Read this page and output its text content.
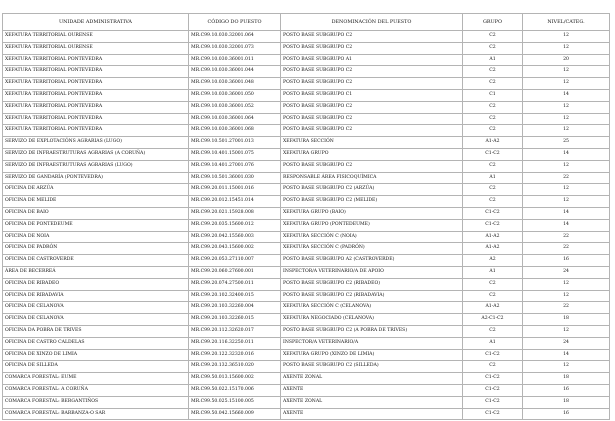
UNIDADE ADMINISTRATIVA	CÓDIGO DO PUESTO	DENOMINACIÓN DEL PUESTO	GRUPO	NIVEL/CATEG.
XEFATURA TERRITORIAL OURENSE	MR.C99.10.030.32001.064	POSTO BASE SUBGRUPO C2	C2	12
XEFATURA TERRITORIAL OURENSE	MR.C99.10.030.32001.073	POSTO BASE SUBGRUPO C2	C2	12
XEFATURA TERRITORIAL PONTEVEDRA	MR.C99.10.030.36001.011	POSTO BASE SUBGRUPO A1	A1	20
XEFATURA TERRITORIAL PONTEVEDRA	MR.C99.10.030.36001.044	POSTO BASE SUBGRUPO C2	C2	12
XEFATURA TERRITORIAL PONTEVEDRA	MR.C99.10.030.36001.048	POSTO BASE SUBGRUPO C2	C2	12
XEFATURA TERRITORIAL PONTEVEDRA	MR.C99.10.030.36001.050	POSTO BASE SUBGRUPO C1	C1	14
XEFATURA TERRITORIAL PONTEVEDRA	MR.C99.10.030.36001.052	POSTO BASE SUBGRUPO C2	C2	12
XEFATURA TERRITORIAL PONTEVEDRA	MR.C99.10.030.36001.064	POSTO BASE SUBGRUPO C2	C2	12
XEFATURA TERRITORIAL PONTEVEDRA	MR.C99.10.030.36001.068	POSTO BASE SUBGRUPO C2	C2	12
SERVIZO DE EXPLOTACIÓNS AGRARIAS (LUGO)	MR.C99.10.501.27001.013	XEFATURA SECCIÓN	A1-A2	25
SERVIZO DE INFRAESTRUTURAS AGRARIAS (A CORUÑA)	MR.C99.10.401.15001.075	XEFATURA GRUPO	C1-C2	14
SERVIZO DE INFRAESTRUTURAS AGRARIAS (LUGO)	MR.C99.10.401.27001.076	POSTO BASE SUBGRUPO C2	C2	12
SERVIZO DE GANDARÍA (PONTEVEDRA)	MR.C99.10.501.36001.030	RESPONSABLE ÁREA FISICOQUÍMICA	A1	22
OFICINA DE ARZÚA	MR.C99.20.011.15001.016	POSTO BASE SUBGRUPO C2 (ARZÚA)	C2	12
OFICINA DE MELIDE	MR.C99.20.012.15451.014	POSTO BASE SUBGRUPO C2 (MELIDE)	C2	12
OFICINA DE BAIO	MR.C99.20.021.15928.008	XEFATURA GRUPO (BAIO)	C1-C2	14
OFICINA DE PONTEDEUME	MR.C99.20.035.15600.012	XEFATURA GRUPO (PONTEDEUME)	C1-C2	14
OFICINA DE NOIA	MR.C99.20.042.15560.003	XEFATURA SECCIÓN C (NOIA)	A1-A2	22
OFICINA DE PADRÓN	MR.C99.20.043.15600.002	XEFATURA SECCIÓN C (PADRÓN)	A1-A2	22
OFICINA DE CASTROVERDE	MR.C99.20.053.27110.007	POSTO BASE SUBGRUPO A2 (CASTROVERDE)	A2	16
ÁREA DE BECERREÁ	MR.C99.20.060.27600.001	INSPECTOR/A VETERINARIO/A DE APOIO	A1	24
OFICINA DE RIBADEO	MR.C99.20.074.27500.011	POSTO BASE SUBGRUPO C2 (RIBADEO)	C2	12
OFICINA DE RIBADAVIA	MR.C99.20.102.32400.015	POSTO BASE SUBGRUPO C2 (RIBADAVIA)	C2	12
OFICINA DE CELANOVA	MR.C99.20.103.32260.004	XEFATURA SECCIÓN C (CELANOVA)	A1-A2	22
OFICINA DE CELANOVA	MR.C99.20.103.32260.015	XEFATURA NEGOCIADO (CELANOVA)	A2-C1-C2	18
OFICINA DA POBRA DE TRIVES	MR.C99.20.112.32620.017	POSTO BASE SUBGRUPO C2 (A POBRA DE TRIVES)	C2	12
OFICINA DE CASTRO CALDELAS	MR.C99.20.116.32250.011	INSPECTOR/A VETERINARIO/A	A1	24
OFICINA DE XINZO DE LIMIA	MR.C99.20.122.32320.016	XEFATURA GRUPO (XINZO DE LIMIA)	C1-C2	14
OFICINA DE SILLEDA	MR.C99.20.132.36510.020	POSTO BASE SUBGRUPO C2 (SILLEDA)	C2	12
COMARCA FORESTAL: EUME	MR.C99.50.013.15600.002	AXENTE ZONAL	C1-C2	18
COMARCA FORESTAL: A CORUÑA	MR.C99.50.022.15170.006	AXENTE	C1-C2	16
COMARCA FORESTAL: BERGANTIÑOS	MR.C99.50.025.15100.005	AXENTE ZONAL	C1-C2	18
COMARCA FORESTAL: BARBANZA-O SAR	MR.C99.50.042.15660.009	AXENTE	C1-C2	16
